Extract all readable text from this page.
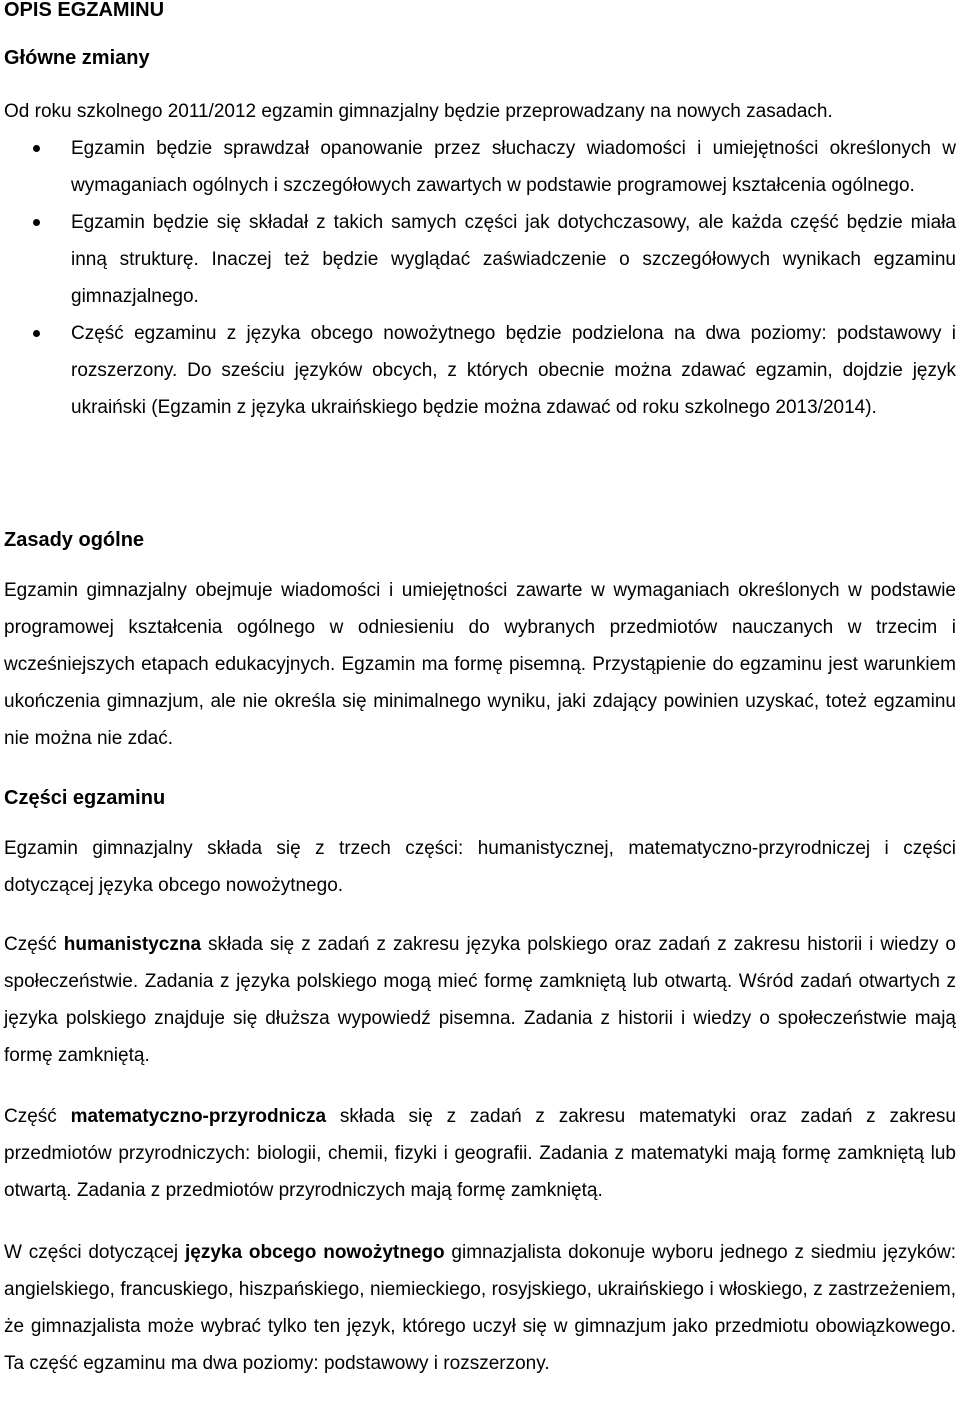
OPIS EGZAMINU
Główne zmiany

Od roku szkolnego 2011/2012 egzamin gimnazjalny będzie przeprowadzany na nowych zasadach.

Egzamin będzie sprawdzał opanowanie przez słuchaczy wiadomości i umiejętności określonych w wymaganiach ogólnych i szczegółowych zawartych w podstawie programowej kształcenia ogólnego.
Egzamin będzie się składał z takich samych części jak dotychczasowy, ale każda część będzie miała inną strukturę. Inaczej też będzie wyglądać zaświadczenie o szczegółowych wynikach egzaminu gimnazjalnego.
Część egzaminu z języka obcego nowożytnego będzie podzielona na dwa poziomy: podstawowy i rozszerzony. Do sześciu języków obcych, z których obecnie można zdawać egzamin, dojdzie język ukraiński (Egzamin z języka ukraińskiego będzie można zdawać od roku szkolnego 2013/2014).
Zasady ogólne

Egzamin gimnazjalny obejmuje wiadomości i umiejętności zawarte w wymaganiach określonych w podstawie programowej kształcenia ogólnego w odniesieniu do wybranych przedmiotów nauczanych w trzecim i wcześniejszych etapach edukacyjnych. Egzamin ma formę pisemną. Przystąpienie do egzaminu jest warunkiem ukończenia gimnazjum, ale nie określa się minimalnego wyniku, jaki zdający powinien uzyskać, toteż egzaminu nie można nie zdać.

Części egzaminu

Egzamin gimnazjalny składa się z trzech części: humanistycznej, matematyczno-przyrodniczej i części dotyczącej języka obcego nowożytnego.

Część humanistyczna składa się z zadań z zakresu języka polskiego oraz zadań z zakresu historii i wiedzy o społeczeństwie. Zadania z języka polskiego mogą mieć formę zamkniętą lub otwartą. Wśród zadań otwartych z języka polskiego znajduje się dłuższa wypowiedź pisemna. Zadania z historii i wiedzy o społeczeństwie mają formę zamkniętą.

Część matematyczno-przyrodnicza składa się z zadań z zakresu matematyki oraz zadań z zakresu przedmiotów przyrodniczych: biologii, chemii, fizyki i geografii. Zadania z matematyki mają formę zamkniętą lub otwartą. Zadania z przedmiotów przyrodniczych mają formę zamkniętą.

W części dotyczącej języka obcego nowożytnego gimnazjalista dokonuje wyboru jednego z siedmiu języków: angielskiego, francuskiego, hiszpańskiego, niemieckiego, rosyjskiego, ukraińskiego i włoskiego, z zastrzeżeniem, że gimnazjalista może wybrać tylko ten język, którego uczył się w gimnazjum jako przedmiotu obowiązkowego. Ta część egzaminu ma dwa poziomy: podstawowy i rozszerzony.
